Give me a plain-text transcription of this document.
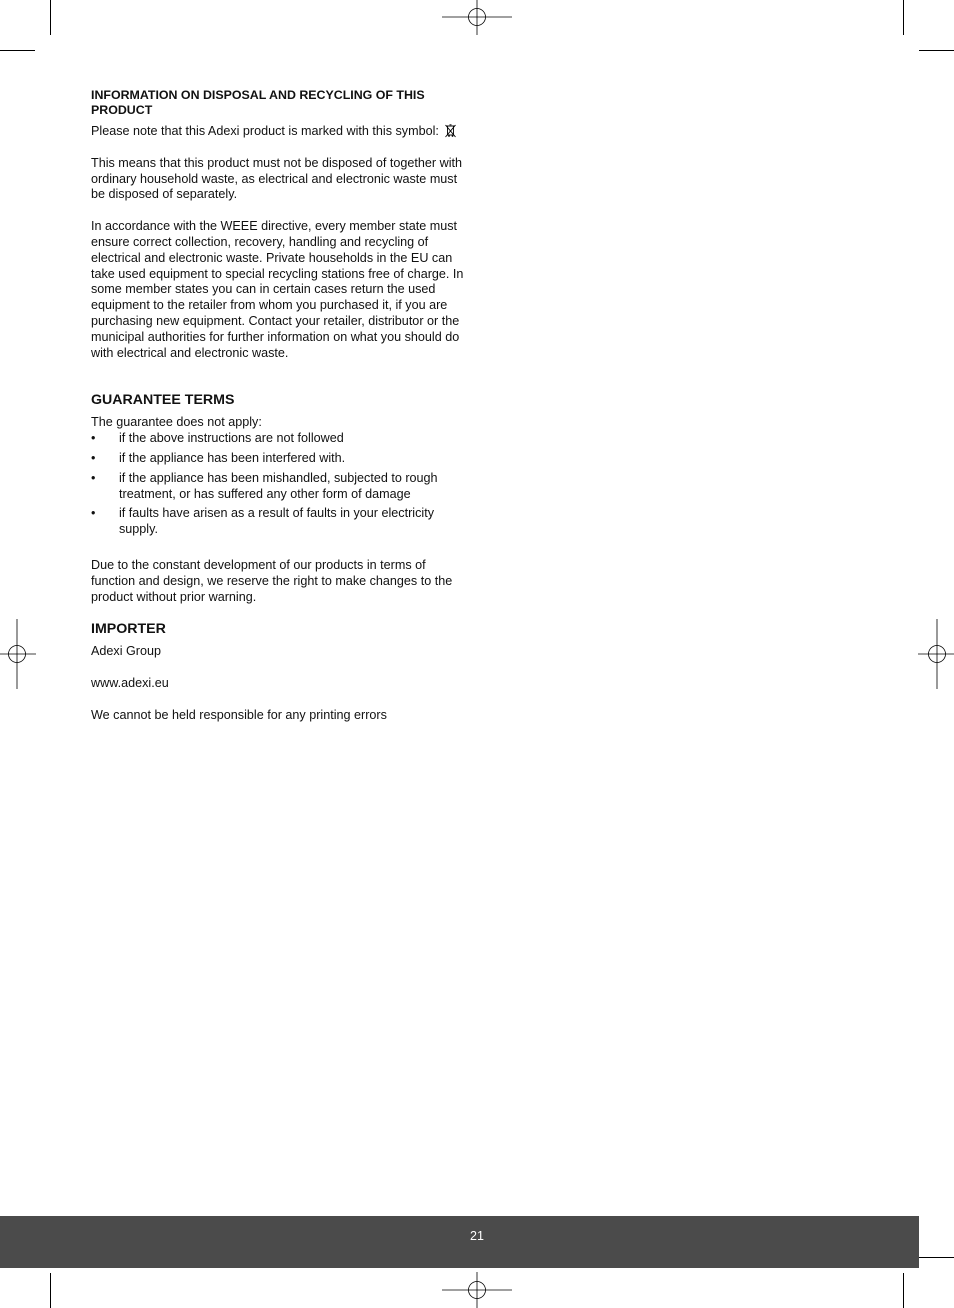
INFORMATION ON DISPOSAL AND RECYCLING OF THIS PRODUCT

Please note that this Adexi product is marked with this symbol:

This means that this product must not be disposed of together with ordinary household waste, as electrical and electronic waste must be disposed of separately.

In accordance with the WEEE directive, every member state must ensure correct collection, recovery, handling and recycling of electrical and electronic waste. Private households in the EU can take used equipment to special recycling stations free of charge. In some member states you can in certain cases return the used equipment to the retailer from whom you purchased it, if you are purchasing new equipment. Contact your retailer, distributor or the municipal authorities for further information on what you should do with electrical and electronic waste.

GUARANTEE TERMS

The guarantee does not apply:

• if the above instructions are not followed
• if the appliance has been interfered with.
• if the appliance has been mishandled, subjected to rough treatment, or has suffered any other form of damage
• if faults have arisen as a result of faults in your electricity supply.

Due to the constant development of our products in terms of function and design, we reserve the right to make changes to the product without prior warning.

IMPORTER

Adexi Group

www.adexi.eu

We cannot be held responsible for any printing errors

21
